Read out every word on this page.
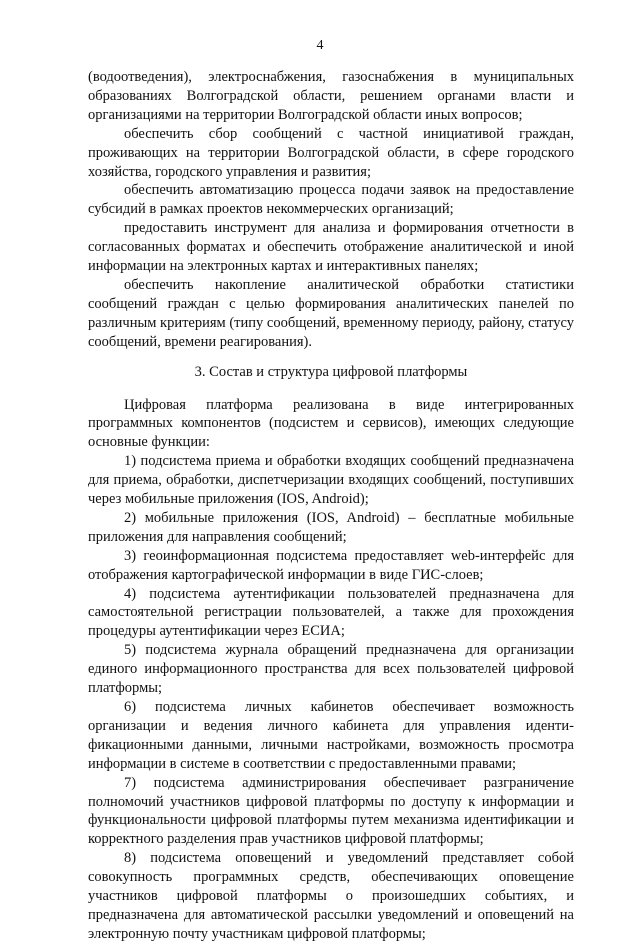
4

(водоотведения), электроснабжения, газоснабжения в муниципальных образованиях Волгоградской области, решением органами власти и организациями на территории Волгоградской области иных вопросов;

обеспечить сбор сообщений с частной инициативой граждан, проживающих на территории Волгоградской области, в сфере городского хозяйства, городского управления и развития;

обеспечить автоматизацию процесса подачи заявок на предоставление субсидий в рамках проектов некоммерческих организаций;

предоставить инструмент для анализа и формирования отчетности в согласованных форматах и обеспечить отображение аналитической и иной информации на электронных картах и интерактивных панелях;

обеспечить накопление аналитической обработки статистики сообщений граждан с целью формирования аналитических панелей по различным критериям (типу сообщений, временному периоду, району, статусу сообщений, времени реагирования).

3. Состав и структура цифровой платформы

Цифровая платформа реализована в виде интегрированных программных компонентов (подсистем и сервисов), имеющих следующие основные функции:

1) подсистема приема и обработки входящих сообщений предназначена для приема, обработки, диспетчеризации входящих сообщений, поступивших через мобильные приложения (IOS, Android);

2) мобильные приложения (IOS, Android) – бесплатные мобильные приложения для направления сообщений;

3) геоинформационная подсистема предоставляет web-интерфейс для отображения картографической информации в виде ГИС-слоев;

4) подсистема аутентификации пользователей предназначена для самостоятельной регистрации пользователей, а также для прохождения процедуры аутентификации через ЕСИА;

5) подсистема журнала обращений предназначена для организации единого информационного пространства для всех пользователей цифровой платформы;

6) подсистема личных кабинетов обеспечивает возможность организации и ведения личного кабинета для управления идентификационными данными, личными настройками, возможность просмотра информации в системе в соответствии с предоставленными правами;

7) подсистема администрирования обеспечивает разграничение полномочий участников цифровой платформы по доступу к информации и функциональности цифровой платформы путем механизма идентификации и корректного разделения прав участников цифровой платформы;

8) подсистема оповещений и уведомлений представляет собой совокупность программных средств, обеспечивающих оповещение участников цифровой платформы о произошедших событиях, и предназначена для автоматической рассылки уведомлений и оповещений на электронную почту участникам цифровой платформы;
